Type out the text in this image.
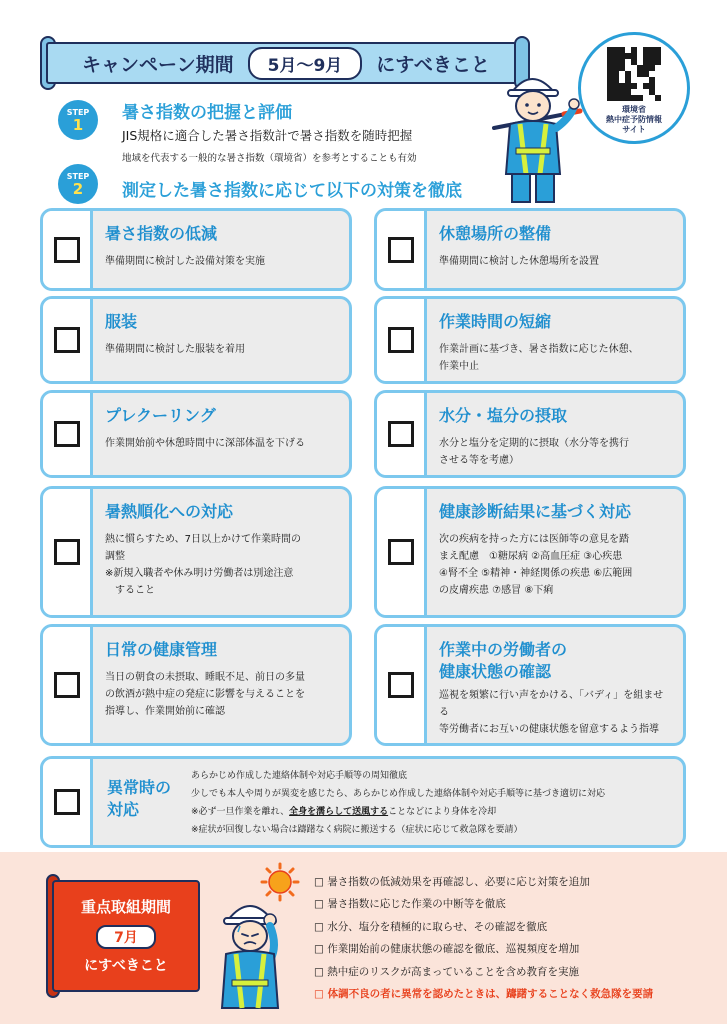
キャンペーン期間	5月～9月	にすべきこと
環境省
熱中症予防情報
サイト
STEP
1
暑さ指数の把握と評価
JIS規格に適合した暑さ指数計で暑さ指数を随時把握
地域を代表する一般的な暑さ指数（環境省）を参考とすることも有効
STEP
2 測定した暑さ指数に応じて以下の対策を徹底
暑さ指数の低減
準備期間に検討した設備対策を実施
服装
準備期間に検討した服装を着用
プレクーリング
作業開始前や休憩時間中に深部体温を下げる
暑熱順化への対応
熱に慣らすため、7日以上かけて作業時間の
調整
※新規入職者や休み明け労働者は別途注意
　すること
日常の健康管理
当日の朝食の未摂取、睡眠不足、前日の多量
の飲酒が熱中症の発症に影響を与えることを
指導し、作業開始前に確認
休憩場所の整備
準備期間に検討した休憩場所を設置
作業時間の短縮
作業計画に基づき、暑さ指数に応じた休憩、
作業中止
水分・塩分の摂取
水分と塩分を定期的に摂取（水分等を携行
させる等を考慮）
健康診断結果に基づく対応
次の疾病を持った方には医師等の意見を踏
まえ配慮　①糖尿病 ②高血圧症 ③心疾患
④腎不全 ⑤精神・神経関係の疾患 ⑥広範囲
の皮膚疾患 ⑦感冒 ⑧下痢
作業中の労働者の
健康状態の確認
巡視を頻繁に行い声をかける、「バディ」を組ませる
等労働者にお互いの健康状態を留意するよう指導
異常時の
対応
あらかじめ作成した連絡体制や対応手順等の周知徹底
少しでも本人や周りが異変を感じたら、あらかじめ作成した連絡体制や対応手順等に基づき適切に対応
※必ず一旦作業を離れ、全身を濡らして送風することなどにより身体を冷却
※症状が回復しない場合は躊躇なく病院に搬送する（症状に応じて救急隊を要請）
重点取組期間
7月
にすべきこと
□ 暑さ指数の低減効果を再確認し、必要に応じ対策を追加
□ 暑さ指数に応じた作業の中断等を徹底
□ 水分、塩分を積極的に取らせ、その確認を徹底
□ 作業開始前の健康状態の確認を徹底、巡視頻度を増加
□ 熱中症のリスクが高まっていることを含め教育を実施
□ 体調不良の者に異常を認めたときは、躊躇することなく救急隊を要請
